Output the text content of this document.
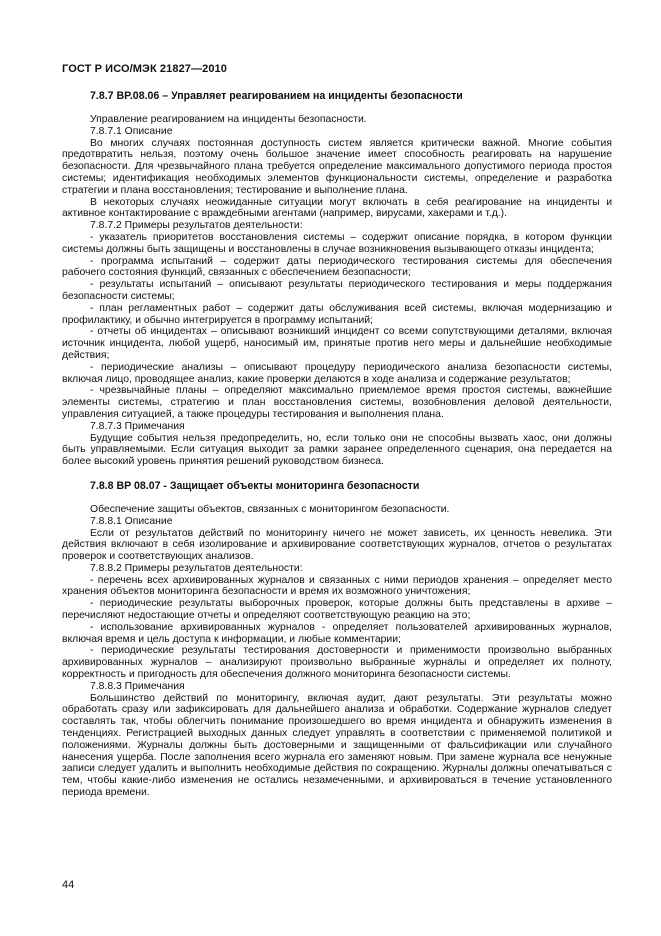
ГОСТ Р ИСО/МЭК 21827—2010
7.8.7 BP.08.06 – Управляет реагированием на инциденты безопасности

Управление реагированием на инциденты безопасности.

7.8.7.1 Описание

Во многих случаях постоянная доступность систем является критически важной. Многие события предотвратить нельзя, поэтому очень большое значение имеет способность реагировать на нарушение безопасности. Для чрезвычайного плана требуется определение максимального допустимого периода простоя системы; идентификация необходимых элементов функциональности системы, определение и разработка стратегии и плана восстановления; тестирование и выполнение плана.

В некоторых случаях неожиданные ситуации могут включать в себя реагирование на инциденты и активное контактирование с враждебными агентами (например, вирусами, хакерами и т.д.).

7.8.7.2 Примеры результатов деятельности:

- указатель приоритетов восстановления системы – содержит описание порядка, в котором функции системы должны быть защищены и восстановлены в случае возникновения вызывающего отказы инцидента;

- программа испытаний – содержит даты периодического тестирования системы для обеспечения рабочего состояния функций, связанных с обеспечением безопасности;

- результаты испытаний – описывают результаты периодического тестирования и меры поддержания безопасности системы;

- план регламентных работ – содержит даты обслуживания всей системы, включая модернизацию и профилактику, и обычно интегрируется в программу испытаний;

- отчеты об инцидентах – описывают возникший инцидент со всеми сопутствующими деталями, включая источник инцидента, любой ущерб, наносимый им, принятые против него меры и дальнейшие необходимые действия;

- периодические анализы – описывают процедуру периодического анализа безопасности системы, включая лицо, проводящее анализ, какие проверки делаются в ходе анализа и содержание результатов;

- чрезвычайные планы – определяют максимально приемлемое время простоя системы, важнейшие элементы системы, стратегию и план восстановления системы, возобновления деловой деятельности, управления ситуацией, а также процедуры тестирования и выполнения плана.

7.8.7.3 Примечания

Будущие события нельзя предопределить, но, если только они не способны вызвать хаос, они должны быть управляемыми. Если ситуация выходит за рамки заранее определенного сценария, она передается на более высокий уровень принятия решений руководством бизнеса.

7.8.8 BP 08.07 - Защищает объекты мониторинга безопасности

Обеспечение защиты объектов, связанных с мониторингом безопасности.

7.8.8.1 Описание

Если от результатов действий по мониторингу ничего не может зависеть, их ценность невелика. Эти действия включают в себя изолирование и архивирование соответствующих журналов, отчетов о результатах проверок и соответствующих анализов.

7.8.8.2 Примеры результатов деятельности:

- перечень всех архивированных журналов и связанных с ними периодов хранения – определяет место хранения объектов мониторинга безопасности и время их возможного уничтожения;

- периодические результаты выборочных проверок, которые должны быть представлены в архиве – перечисляют недостающие отчеты и определяют соответствующую реакцию на это;

- использование архивированных журналов - определяет пользователей архивированных журналов, включая время и цель доступа к информации, и любые комментарии;

- периодические результаты тестирования достоверности и применимости произвольно выбранных архивированных журналов – анализируют произвольно выбранные журналы и определяет их полноту, корректность и пригодность для обеспечения должного мониторинга безопасности системы.

7.8.8.3 Примечания

Большинство действий по мониторингу, включая аудит, дают результаты. Эти результаты можно обработать сразу или зафиксировать для дальнейшего анализа и обработки. Содержание журналов следует составлять так, чтобы облегчить понимание произошедшего во время инцидента и обнаружить изменения в тенденциях. Регистрацией выходных данных следует управлять в соответствии с применяемой политикой и положениями. Журналы должны быть достоверными и защищенными от фальсификации или случайного нанесения ущерба. После заполнения всего журнала его заменяют новым. При замене журнала все ненужные записи следует удалить и выполнить необходимые действия по сокращению. Журналы должны опечатываться с тем, чтобы какие-либо изменения не остались незамеченными, и архивироваться в течение установленного периода времени.

44
